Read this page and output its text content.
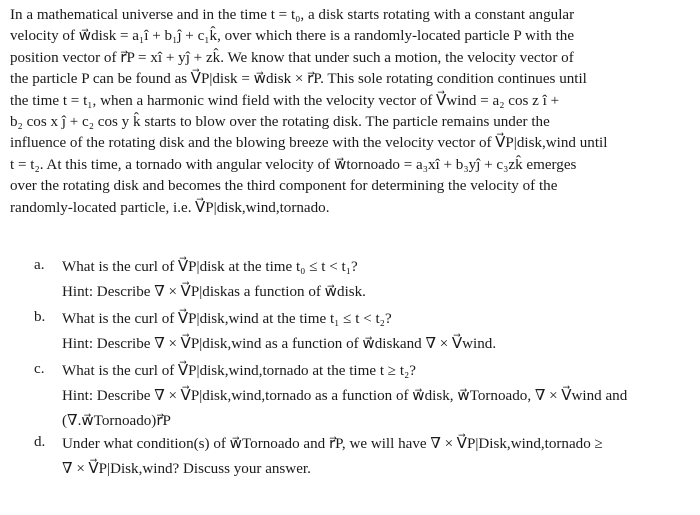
In a mathematical universe and in the time t = t₀, a disk starts rotating with a constant angular
velocity of w⃗disk = a₁î + b₁ĵ + c₁k̂, over which there is a randomly-located particle P with the
position vector of r⃗P = xî + yĵ + zk̂. We know that under such a motion, the velocity vector of
the particle P can be found as V⃗P|disk = w⃗disk × r⃗P. This sole rotating condition continues until
the time t = t₁, when a harmonic wind field with the velocity vector of V⃗wind = a₂ cos z î +
b₂ cos x ĵ + c₂ cos y k̂ starts to blow over the rotating disk. The particle remains under the
influence of the rotating disk and the blowing breeze with the velocity vector of V⃗P|disk,wind until
t = t₂. At this time, a tornado with angular velocity of w⃗tornoado = a₃xî + b₃yĵ + c₃zk̂ emerges
over the rotating disk and becomes the third component for determining the velocity of the
randomly-located particle, i.e. V⃗P|disk,wind,tornado.

a. What is the curl of V⃗P|disk at the time t₀ ≤ t < t₁?
Hint: Describe ∇ × V⃗P|diskas a function of w⃗disk.
b. What is the curl of V⃗P|disk,wind at the time t₁ ≤ t < t₂?
Hint: Describe ∇ × V⃗P|disk,wind as a function of w⃗diskand ∇ × V⃗wind.
c. What is the curl of V⃗P|disk,wind,tornado at the time t ≥ t₂?
Hint: Describe ∇ × V⃗P|disk,wind,tornado as a function of w⃗disk, w⃗Tornoado, ∇ × V⃗wind and
(∇.w⃗Tornoado)r⃗P
d. Under what condition(s) of w⃗Tornoado and r⃗P, we will have ∇ × V⃗P|Disk,wind,tornado ≥
∇ × V⃗P|Disk,wind? Discuss your answer.
